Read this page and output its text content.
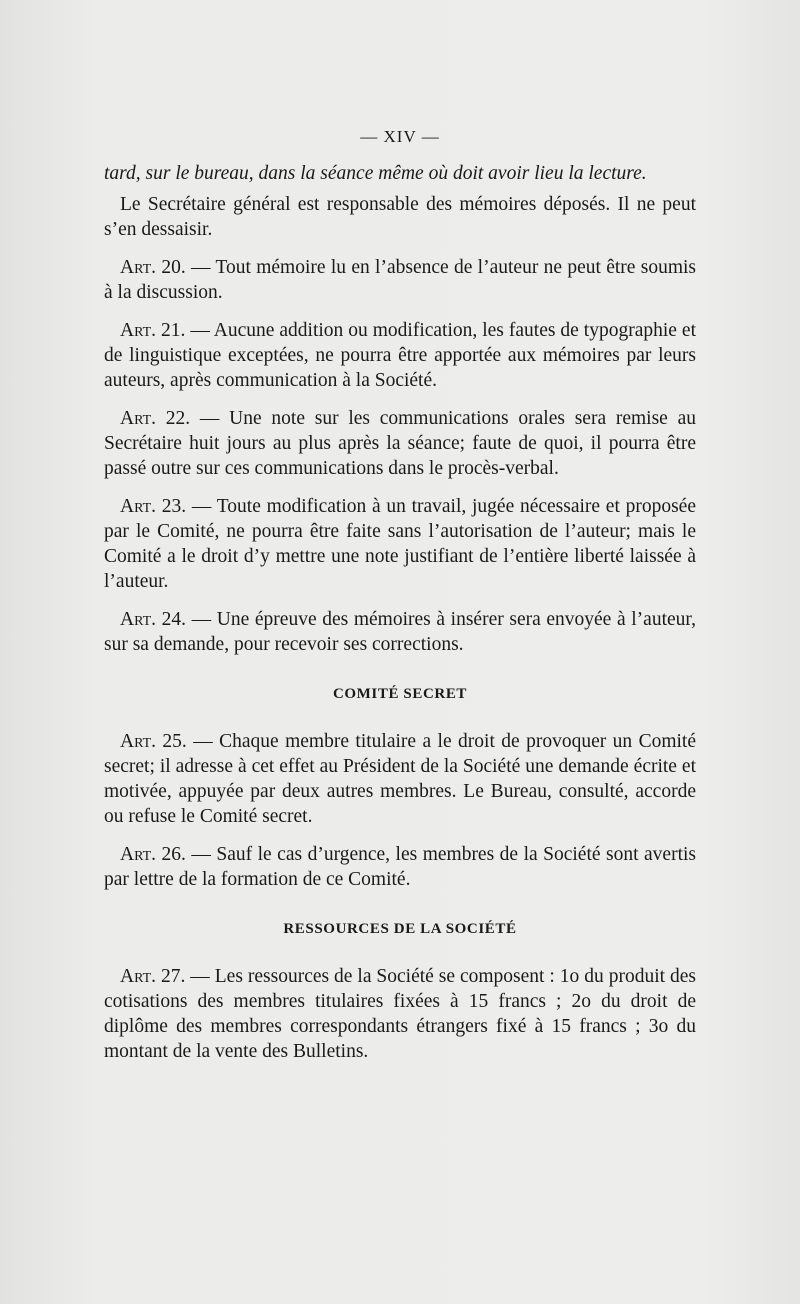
— XIV —

tard, sur le bureau, dans la séance même où doit avoir lieu la lecture.

Le Secrétaire général est responsable des mémoires déposés. Il ne peut s’en dessaisir.

Art. 20. — Tout mémoire lu en l’absence de l’auteur ne peut être soumis à la discussion.

Art. 21. — Aucune addition ou modification, les fautes de typographie et de linguistique exceptées, ne pourra être apportée aux mémoires par leurs auteurs, après communication à la Société.

Art. 22. — Une note sur les communications orales sera remise au Secrétaire huit jours au plus après la séance; faute de quoi, il pourra être passé outre sur ces communications dans le procès-verbal.

Art. 23. — Toute modification à un travail, jugée nécessaire et proposée par le Comité, ne pourra être faite sans l’autorisation de l’auteur; mais le Comité a le droit d’y mettre une note justifiant de l’entière liberté laissée à l’auteur.

Art. 24. — Une épreuve des mémoires à insérer sera envoyée à l’auteur, sur sa demande, pour recevoir ses corrections.

COMITÉ SECRET

Art. 25. — Chaque membre titulaire a le droit de provoquer un Comité secret; il adresse à cet effet au Président de la Société une demande écrite et motivée, appuyée par deux autres membres. Le Bureau, consulté, accorde ou refuse le Comité secret.

Art. 26. — Sauf le cas d’urgence, les membres de la Société sont avertis par lettre de la formation de ce Comité.

RESSOURCES DE LA SOCIÉTÉ

Art. 27. — Les ressources de la Société se composent : 1o du produit des cotisations des membres titulaires fixées à 15 francs ; 2o du droit de diplôme des membres correspondants étrangers fixé à 15 francs ; 3o du montant de la vente des Bulletins.
